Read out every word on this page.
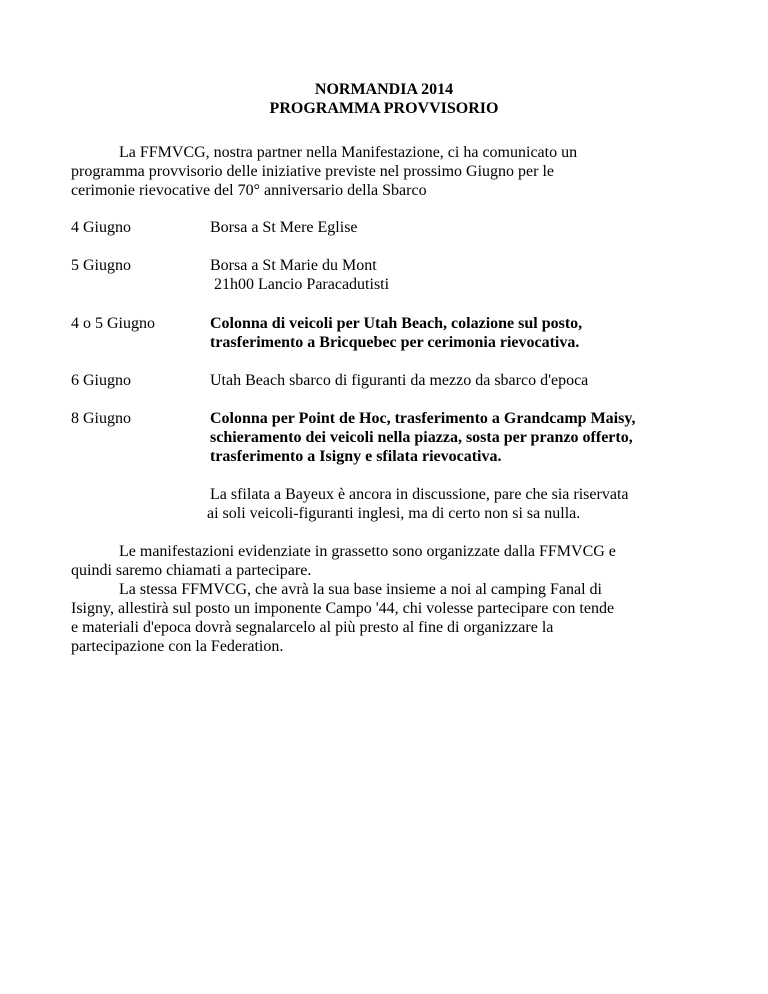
NORMANDIA 2014
PROGRAMMA PROVVISORIO
La FFMVCG, nostra partner nella Manifestazione, ci ha comunicato un
programma provvisorio delle iniziative previste nel prossimo Giugno per le
cerimonie rievocative del 70° anniversario della Sbarco
4 Giugno	Borsa a St Mere Eglise
5 Giugno	Borsa a St Marie du Mont
21h00 Lancio Paracadutisti
4 o 5 Giugno	Colonna di veicoli per Utah Beach, colazione sul posto,
trasferimento a Bricquebec per cerimonia rievocativa.
6 Giugno	Utah Beach sbarco di figuranti da mezzo da sbarco d'epoca
8 Giugno	Colonna per Point de Hoc, trasferimento a Grandcamp Maisy,
schieramento dei veicoli nella piazza, sosta per pranzo offerto,
trasferimento a Isigny e sfilata rievocativa.
La sfilata a Bayeux è ancora in discussione, pare che sia riservata
ai soli veicoli-figuranti inglesi, ma di certo non si sa nulla.
Le manifestazioni evidenziate in grassetto sono organizzate dalla FFMVCG e
quindi saremo chiamati a partecipare.
La stessa FFMVCG, che avrà la sua base insieme a noi al camping Fanal di
Isigny, allestirà sul posto un imponente Campo '44, chi volesse partecipare con tende
e materiali d'epoca dovrà segnalarcelo al più presto al fine di organizzare la
partecipazione con la Federation.
